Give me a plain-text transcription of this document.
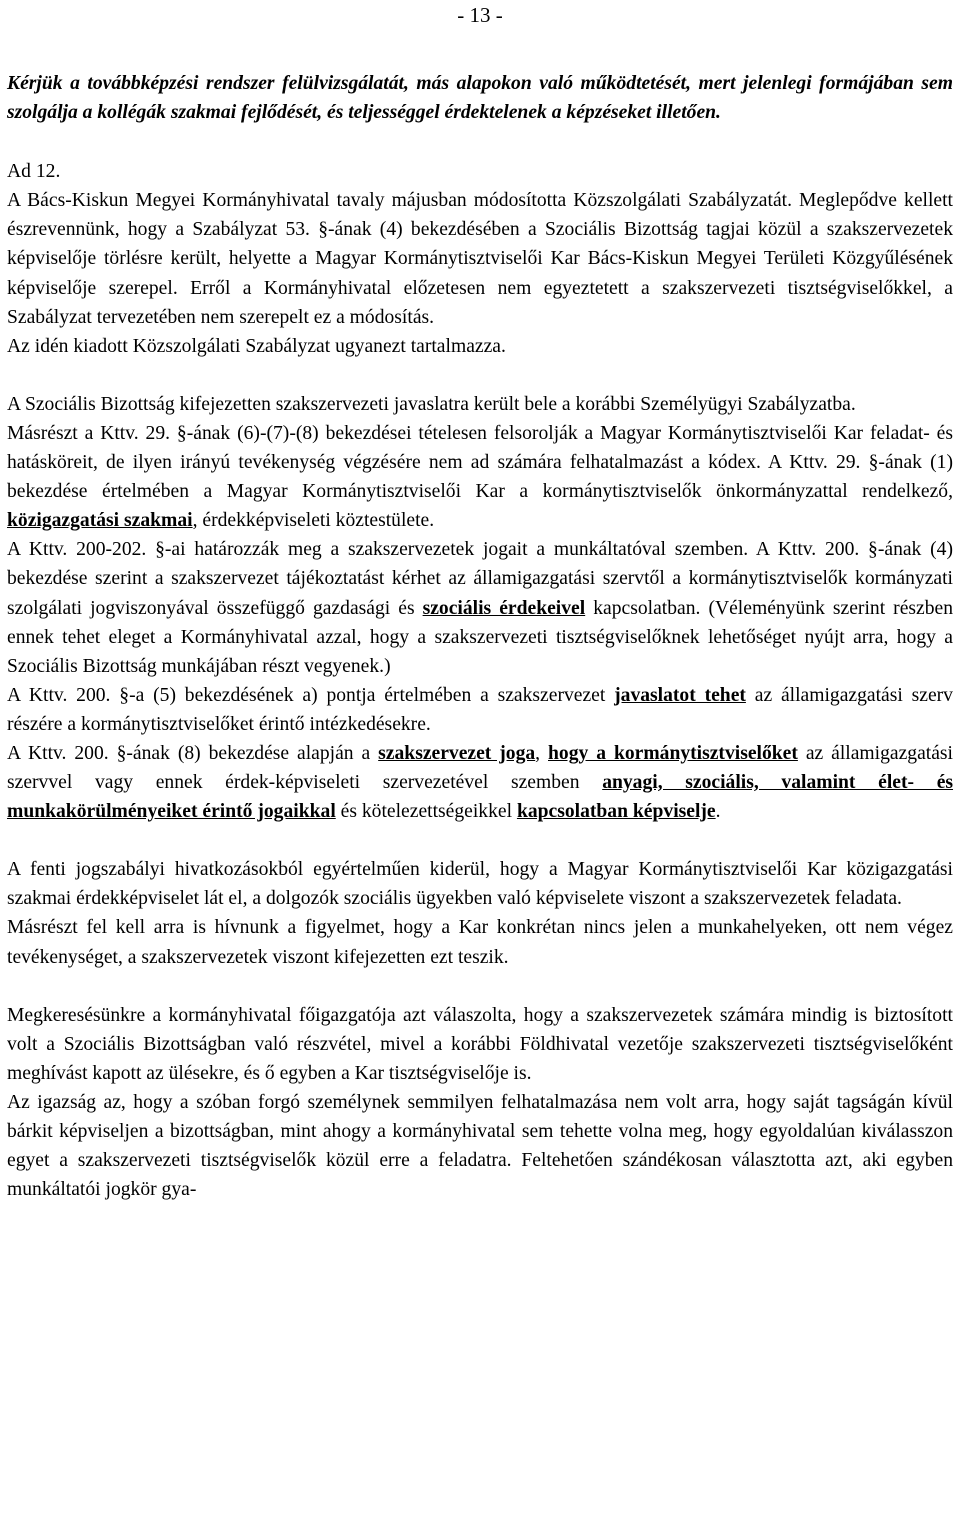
- 13 -

Kérjük a továbbképzési rendszer felülvizsgálatát, más alapokon való működtetését, mert jelenlegi formájában sem szolgálja a kollégák szakmai fejlődését, és teljességgel érdektelenek a képzéseket illetően.

Ad 12.

A Bács-Kiskun Megyei Kormányhivatal tavaly májusban módosította Közszolgálati Szabályzatát. Meglepődve kellett észrevennünk, hogy a Szabályzat 53. §-ának (4) bekezdésében a Szociális Bizottság tagjai közül a szakszervezetek képviselője törlésre került, helyette a Magyar Kormánytisztviselői Kar Bács-Kiskun Megyei Területi Közgyűlésének képviselője szerepel. Erről a Kormányhivatal előzetesen nem egyeztetett a szakszervezeti tisztségviselőkkel, a Szabályzat tervezetében nem szerepelt ez a módosítás.

Az idén kiadott Közszolgálati Szabályzat ugyanezt tartalmazza.

A Szociális Bizottság kifejezetten szakszervezeti javaslatra került bele a korábbi Személyügyi Szabályzatba.

Másrészt a Kttv. 29. §-ának (6)-(7)-(8) bekezdései tételesen felsorolják a Magyar Kormánytisztviselői Kar feladat- és hatásköreit, de ilyen irányú tevékenység végzésére nem ad számára felhatalmazást a kódex. A Kttv. 29. §-ának (1) bekezdése értelmében a Magyar Kormánytisztviselői Kar a kormánytisztviselők önkormányzattal rendelkező, közigazgatási szakmai, érdekképviseleti köztestülete.

A Kttv. 200-202. §-ai határozzák meg a szakszervezetek jogait a munkáltatóval szemben. A Kttv. 200. §-ának (4) bekezdése szerint a szakszervezet tájékoztatást kérhet az államigazgatási szervtől a kormánytisztviselők kormányzati szolgálati jogviszonyával összefüggő gazdasági és szociális érdekeivel kapcsolatban. (Véleményünk szerint részben ennek tehet eleget a Kormányhivatal azzal, hogy a szakszervezeti tisztségviselőknek lehetőséget nyújt arra, hogy a Szociális Bizottság munkájában részt vegyenek.)

A Kttv. 200. §-a (5) bekezdésének a) pontja értelmében a szakszervezet javaslatot tehet az államigazgatási szerv részére a kormánytisztviselőket érintő intézkedésekre.

A Kttv. 200. §-ának (8) bekezdése alapján a szakszervezet joga, hogy a kormánytisztviselőket az államigazgatási szervvel vagy ennek érdek-képviseleti szervezetével szemben anyagi, szociális, valamint élet- és munkakörülményeiket érintő jogaikkal és kötelezettségeikkel kapcsolatban képviselje.

A fenti jogszabályi hivatkozásokból egyértelműen kiderül, hogy a Magyar Kormánytisztviselői Kar közigazgatási szakmai érdekképviselet lát el, a dolgozók szociális ügyekben való képviselete viszont a szakszervezetek feladata.

Másrészt fel kell arra is hívnunk a figyelmet, hogy a Kar konkrétan nincs jelen a munkahelyeken, ott nem végez tevékenységet, a szakszervezetek viszont kifejezetten ezt teszik.

Megkeresésünkre a kormányhivatal főigazgatója azt válaszolta, hogy a szakszervezetek számára mindig is biztosított volt a Szociális Bizottságban való részvétel, mivel a korábbi Földhivatal vezetője szakszervezeti tisztségviselőként meghívást kapott az ülésekre, és ő egyben a Kar tisztségviselője is.

Az igazság az, hogy a szóban forgó személynek semmilyen felhatalmazása nem volt arra, hogy saját tagságán kívül bárkit képviseljen a bizottságban, mint ahogy a kormányhivatal sem tehette volna meg, hogy egyoldalúan kiválasszon egyet a szakszervezeti tisztségviselők közül erre a feladatra. Feltehetően szándékosan választotta azt, aki egyben munkáltatói jogkör gya-
